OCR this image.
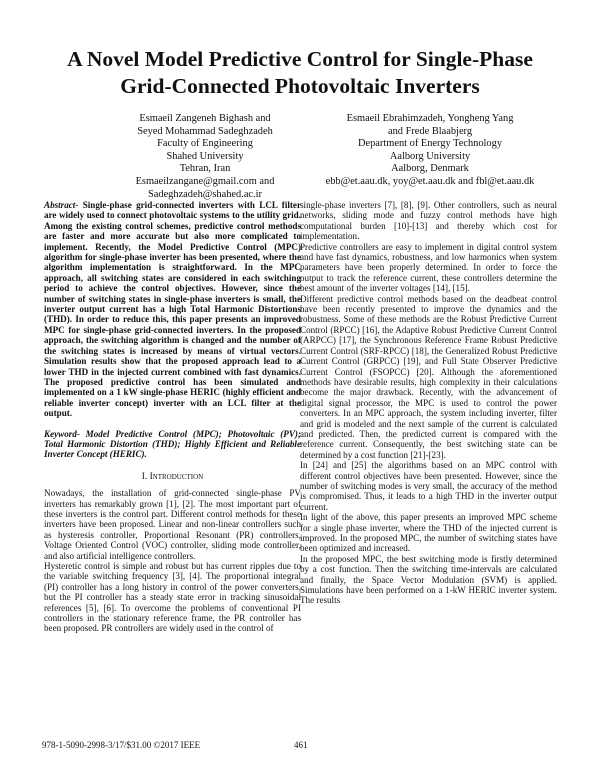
A Novel Model Predictive Control for Single-Phase
Grid-Connected Photovoltaic Inverters
Esmaeil Zangeneh Bighash and
Seyed Mohammad Sadeghzadeh
Faculty of Engineering
Shahed University
Tehran, Iran
Esmaeilzangane@gmail.com and Sadeghzadeh@shahed.ac.ir
Esmaeil Ebrahimzadeh, Yongheng Yang
and Frede Blaabjerg
Department of Energy Technology
Aalborg University
Aalborg, Denmark
ebb@et.aau.dk, yoy@et.aau.dk and fbl@et.aau.dk

Abstract- Single-phase grid-connected inverters with LCL filter are widely used to connect photovoltaic systems to the utility grid. Among the existing control schemes, predictive control methods are faster and more accurate but also more complicated to implement. Recently, the Model Predictive Control (MPC) algorithm for single-phase inverter has been presented, where the algorithm implementation is straightforward. In the MPC approach, all switching states are considered in each switching period to achieve the control objectives. However, since the number of switching states in single-phase inverters is small, the inverter output current has a high Total Harmonic Distortions (THD). In order to reduce this, this paper presents an improved MPC for single-phase grid-connected inverters. In the proposed approach, the switching algorithm is changed and the number of the switching states is increased by means of virtual vectors. Simulation results show that the proposed approach lead to a lower THD in the injected current combined with fast dynamics. The proposed predictive control has been simulated and implemented on a 1 kW single-phase HERIC (highly efficient and reliable inverter concept) inverter with an LCL filter at the output.

Keyword- Model Predictive Control (MPC); Photovoltaic (PV); Total Harmonic Distortion (THD); Highly Efficient and Reliable Inverter Concept (HERIC).

I. Introduction

Nowadays, the installation of grid-connected single-phase PV inverters has remarkably grown [1], [2]. The most important part of these inverters is the control part. Different control methods for these inverters have been proposed. Linear and non-linear controllers such as hysteresis controller, Proportional Resonant (PR) controllers, Voltage Oriented Control (VOC) controller, sliding mode controller, and also artificial intelligence controllers.

Hysteretic control is simple and robust but has current ripples due to the variable switching frequency [3], [4]. The proportional integral (PI) controller has a long history in control of the power converters, but the PI controller has a steady state error in tracking sinusoidal references [5], [6]. To overcome the problems of conventional PI controllers in the stationary reference frame, the PR controller has been proposed. PR controllers are widely used in the control of

single-phase inverters [7], [8], [9]. Other controllers, such as neural networks, sliding mode and fuzzy control methods have high computational burden [10]-[13] and thereby which cost for implementation.

Predictive controllers are easy to implement in digital control system and have fast dynamics, robustness, and low harmonics when system parameters have been properly determined. In order to force the output to track the reference current, these controllers determine the best amount of the inverter voltages [14], [15].

Different predictive control methods based on the deadbeat control have been recently presented to improve the dynamics and the robustness. Some of these methods are the Robust Predictive Current Control (RPCC) [16], the Adaptive Robust Predictive Current Control (ARPCC) [17], the Synchronous Reference Frame Robust Predictive Current Control (SRF-RPCC) [18], the Generalized Robust Predictive Current Control (GRPCC) [19], and Full State Observer Predictive Current Control (FSOPCC) [20]. Although the aforementioned methods have desirable results, high complexity in their calculations become the major drawback. Recently, with the advancement of digital signal processor, the MPC is used to control the power converters. In an MPC approach, the system including inverter, filter and grid is modeled and the next sample of the current is calculated and predicted. Then, the predicted current is compared with the reference current. Consequently, the best switching state can be determined by a cost function [21]-[23].

In [24] and [25] the algorithms based on an MPC control with different control objectives have been presented. However, since the number of switching modes is very small, the accuracy of the method is compromised. Thus, it leads to a high THD in the inverter output current.

In light of the above, this paper presents an improved MPC scheme for a single phase inverter, where the THD of the injected current is improved. In the proposed MPC, the number of switching states have been optimized and increased.

In the proposed MPC, the best switching mode is firstly determined by a cost function. Then the switching time-intervals are calculated and finally, the Space Vector Modulation (SVM) is applied. Simulations have been performed on a 1-kW HERIC inverter system. The results

978-1-5090-2998-3/17/$31.00 ©2017 IEEE	461
